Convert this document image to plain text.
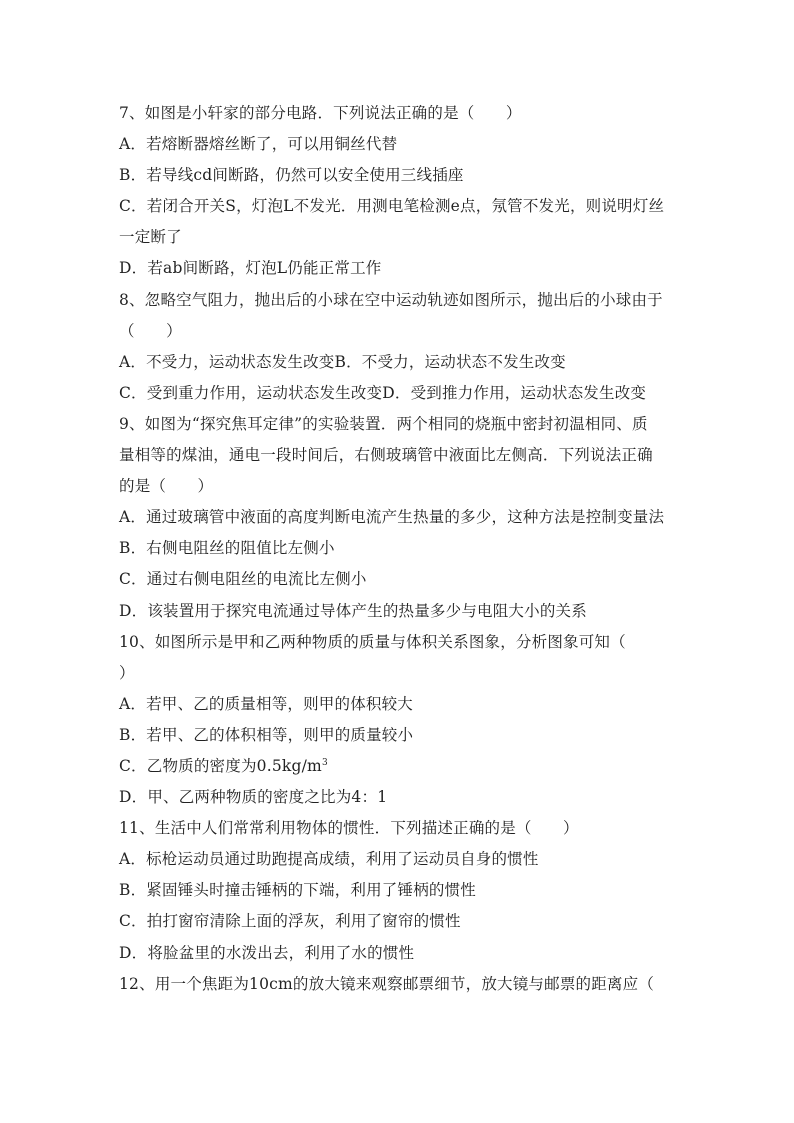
7、如图是小轩家的部分电路．下列说法正确的是（　　）
A．若熔断器熔丝断了，可以用铜丝代替
B．若导线cd间断路，仍然可以安全使用三线插座
C．若闭合开关S，灯泡L不发光．用测电笔检测e点，氖管不发光，则说明灯丝
一定断了
D．若ab间断路，灯泡L仍能正常工作
8、忽略空气阻力，抛出后的小球在空中运动轨迹如图所示，抛出后的小球由于
（　　）
A．不受力，运动状态发生改变B．不受力，运动状态不发生改变
C．受到重力作用，运动状态发生改变D．受到推力作用，运动状态发生改变
9、如图为“探究焦耳定律”的实验装置．两个相同的烧瓶中密封初温相同、质
量相等的煤油，通电一段时间后，右侧玻璃管中液面比左侧高．下列说法正确
的是（　　）
A．通过玻璃管中液面的高度判断电流产生热量的多少，这种方法是控制变量法
B．右侧电阻丝的阻值比左侧小
C．通过右侧电阻丝的电流比左侧小
D．该装置用于探究电流通过导体产生的热量多少与电阻大小的关系
10、如图所示是甲和乙两种物质的质量与体积关系图象，分析图象可知（
）
A．若甲、乙的质量相等，则甲的体积较大
B．若甲、乙的体积相等，则甲的质量较小
C．乙物质的密度为$0.5kg/m^3$
D．甲、乙两种物质的密度之比为4：1
11、生活中人们常常利用物体的惯性．下列描述正确的是（　　）
A．标枪运动员通过助跑提高成绩，利用了运动员自身的惯性
B．紧固锤头时撞击锤柄的下端，利用了锤柄的惯性
C．拍打窗帘清除上面的浮灰，利用了窗帘的惯性
D．将脸盆里的水泼出去，利用了水的惯性
12、用一个焦距为10cm的放大镜来观察邮票细节，放大镜与邮票的距离应（
